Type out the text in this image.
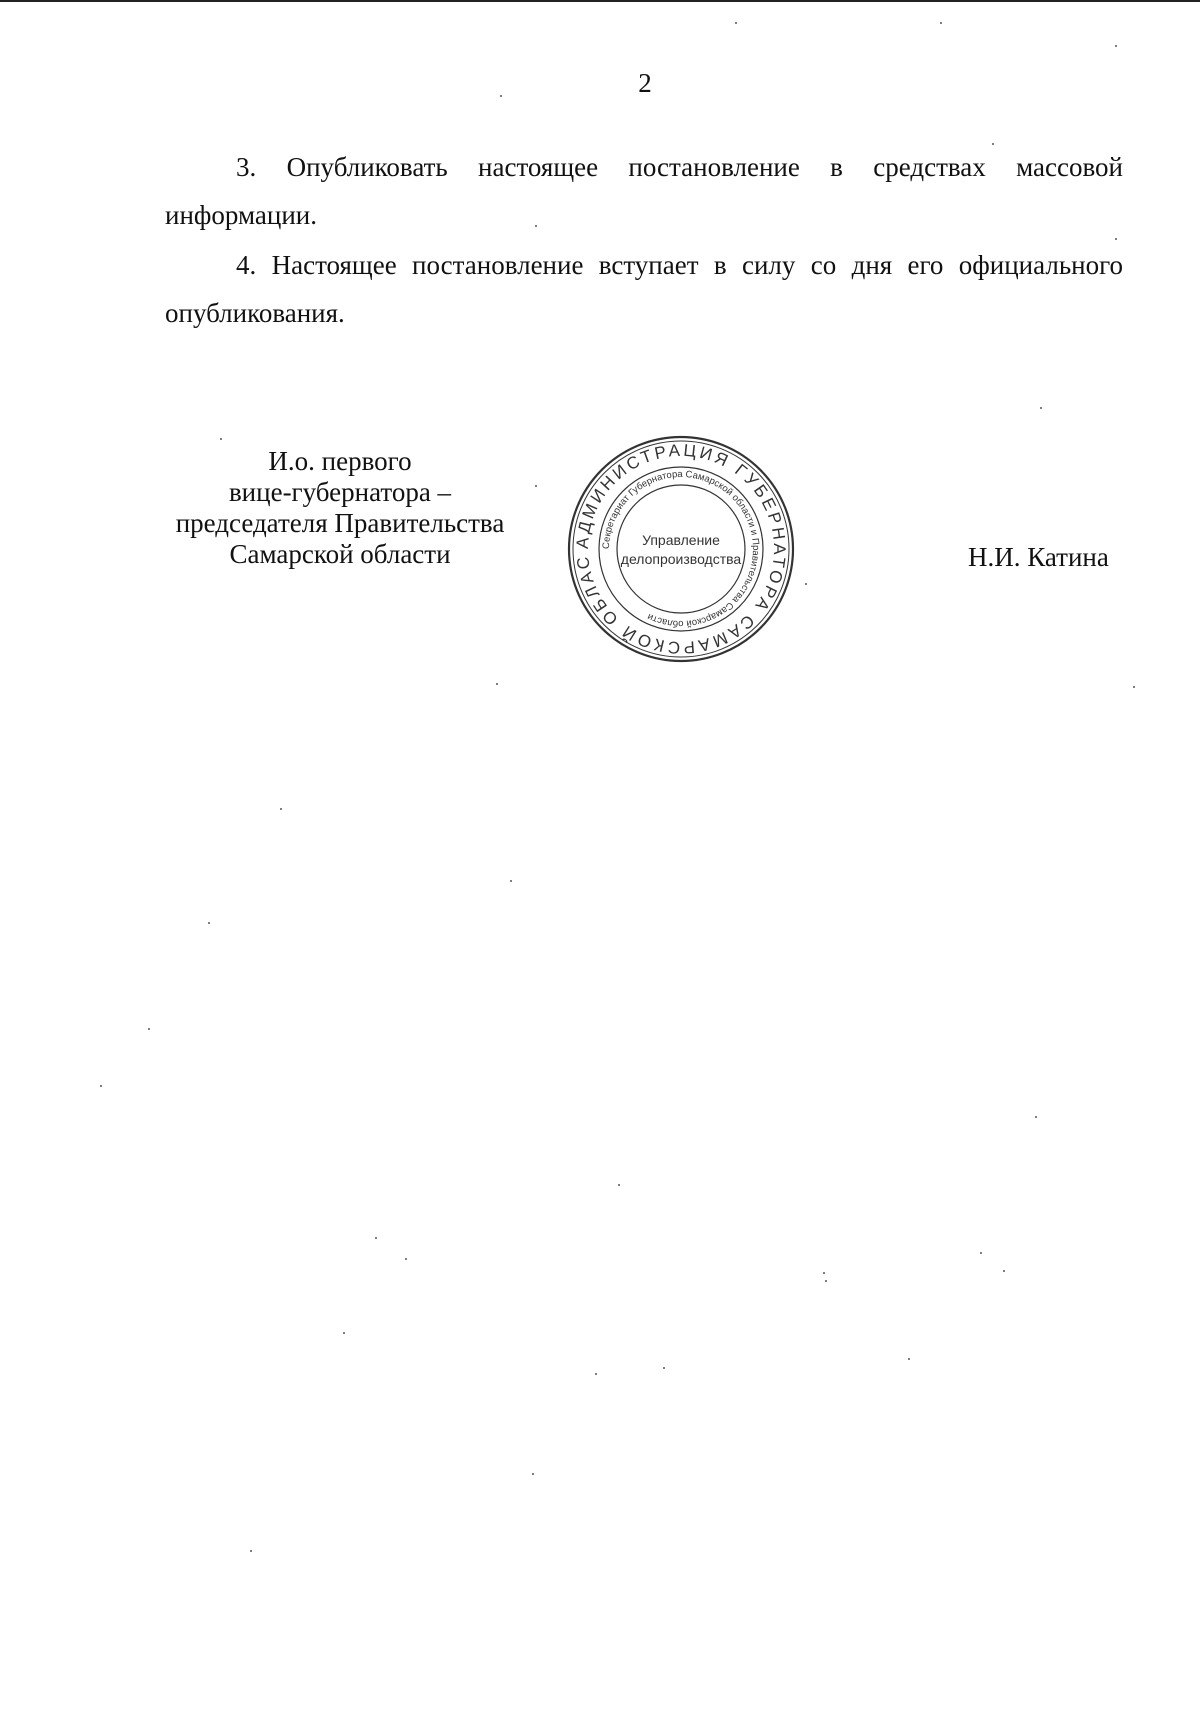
2
3. Опубликовать настоящее постановление в средствах массовой
информации.
4. Настоящее постановление вступает в силу со дня его официального
опубликования.
И.о. первого
вице-губернатора –
председателя Правительства
Самарской области	АДМИНИСТРАЦИЯ ГУБЕРНАТОРА САМАРСКОЙ ОБЛАС
Секретариат Губернатора Самарской области и Правительства Самарской области
Управление
делопроизводства	Н.И. Катина
